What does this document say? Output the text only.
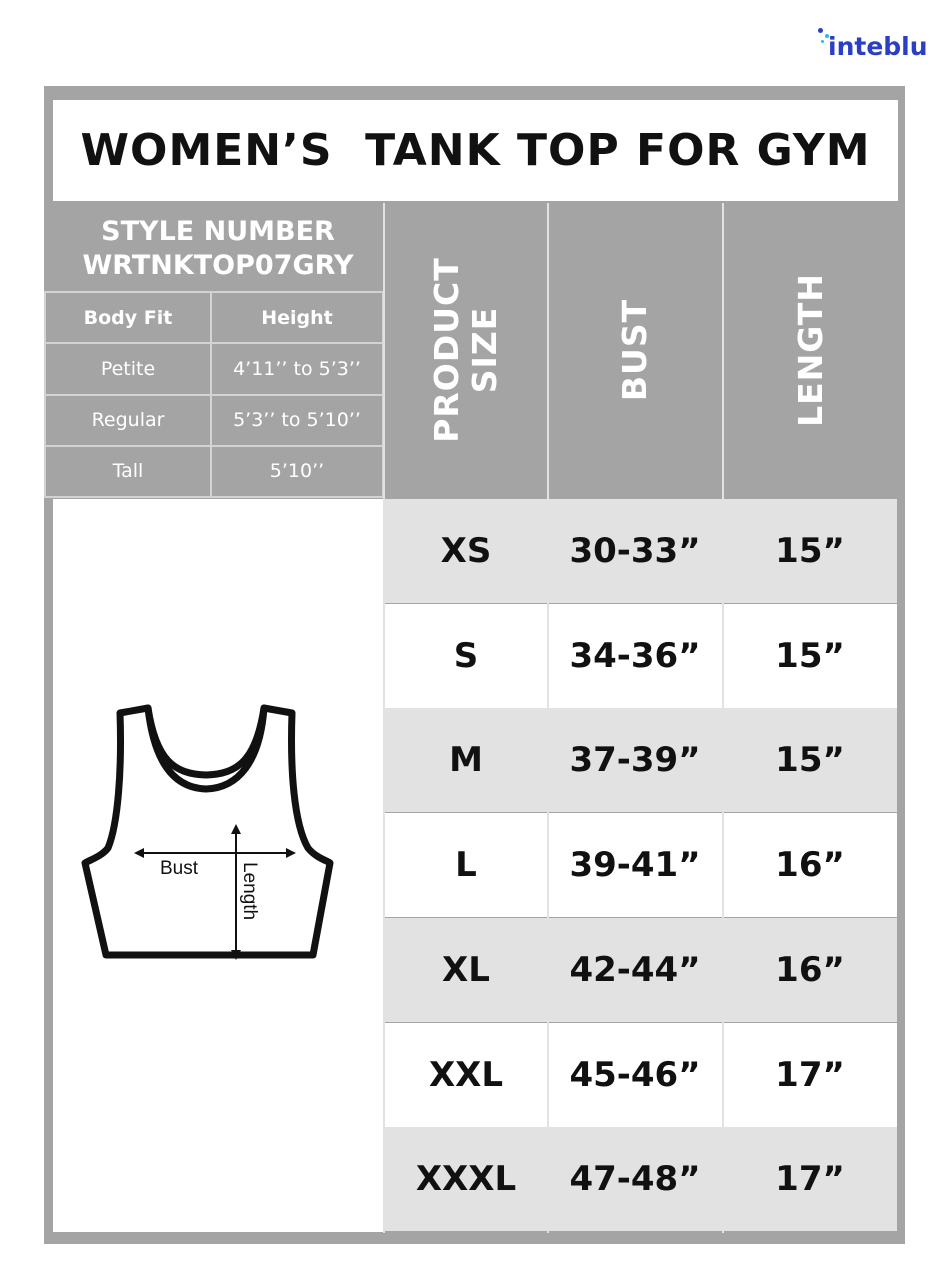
inteblu
WOMEN’S  TANK TOP FOR GYM
STYLE NUMBER
WRTNKTOP07GRY
Body Fit	Height
Petite	4’11’’ to 5’3’’
Regular	5’3’’ to 5’10’’
Tall	5’10’’
PRODUCT SIZE	BUST	LENGTH
Bust Length
XS	30-33”	15”
S	34-36”	15”
M	37-39”	15”
L	39-41”	16”
XL	42-44”	16”
XXL	45-46”	17”
XXXL	47-48”	17”
